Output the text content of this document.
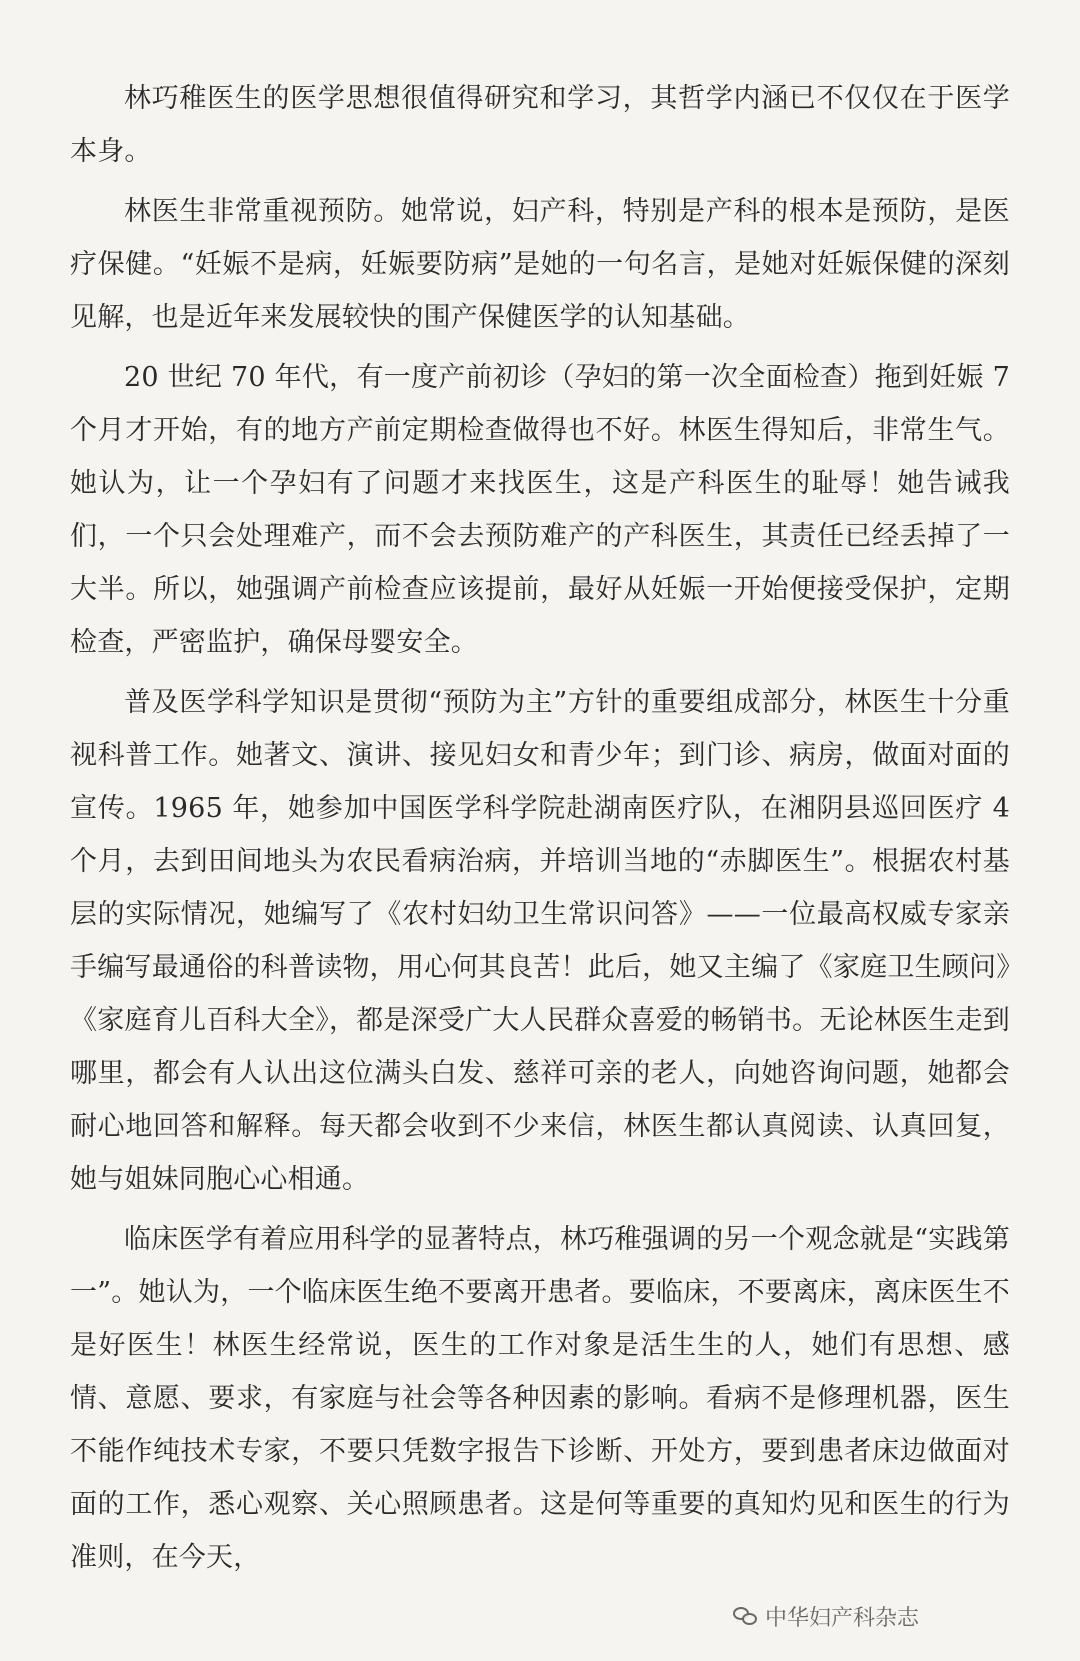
林巧稚医生的医学思想很值得研究和学习，其哲学内涵已不仅仅在于医学本身。

林医生非常重视预防。她常说，妇产科，特别是产科的根本是预防，是医疗保健。“妊娠不是病，妊娠要防病”是她的一句名言，是她对妊娠保健的深刻见解，也是近年来发展较快的围产保健医学的认知基础。

20 世纪 70 年代，有一度产前初诊（孕妇的第一次全面检查）拖到妊娠 7 个月才开始，有的地方产前定期检查做得也不好。林医生得知后，非常生气。她认为，让一个孕妇有了问题才来找医生，这是产科医生的耻辱！她告诫我们，一个只会处理难产，而不会去预防难产的产科医生，其责任已经丢掉了一大半。所以，她强调产前检查应该提前，最好从妊娠一开始便接受保护，定期检查，严密监护，确保母婴安全。

普及医学科学知识是贯彻“预防为主”方针的重要组成部分，林医生十分重视科普工作。她著文、演讲、接见妇女和青少年；到门诊、病房，做面对面的宣传。1965 年，她参加中国医学科学院赴湖南医疗队，在湘阴县巡回医疗 4 个月，去到田间地头为农民看病治病，并培训当地的“赤脚医生”。根据农村基层的实际情况，她编写了《农村妇幼卫生常识问答》——一位最高权威专家亲手编写最通俗的科普读物，用心何其良苦！此后，她又主编了《家庭卫生顾问》《家庭育儿百科大全》，都是深受广大人民群众喜爱的畅销书。无论林医生走到哪里，都会有人认出这位满头白发、慈祥可亲的老人，向她咨询问题，她都会耐心地回答和解释。每天都会收到不少来信，林医生都认真阅读、认真回复，她与姐妹同胞心心相通。

临床医学有着应用科学的显著特点，林巧稚强调的另一个观念就是“实践第一”。她认为，一个临床医生绝不要离开患者。要临床，不要离床，离床医生不是好医生！林医生经常说，医生的工作对象是活生生的人，她们有思想、感情、意愿、要求，有家庭与社会等各种因素的影响。看病不是修理机器，医生不能作纯技术专家，不要只凭数字报告下诊断、开处方，要到患者床边做面对面的工作，悉心观察、关心照顾患者。这是何等重要的真知灼见和医生的行为准则，在今天，

中华妇产科杂志
